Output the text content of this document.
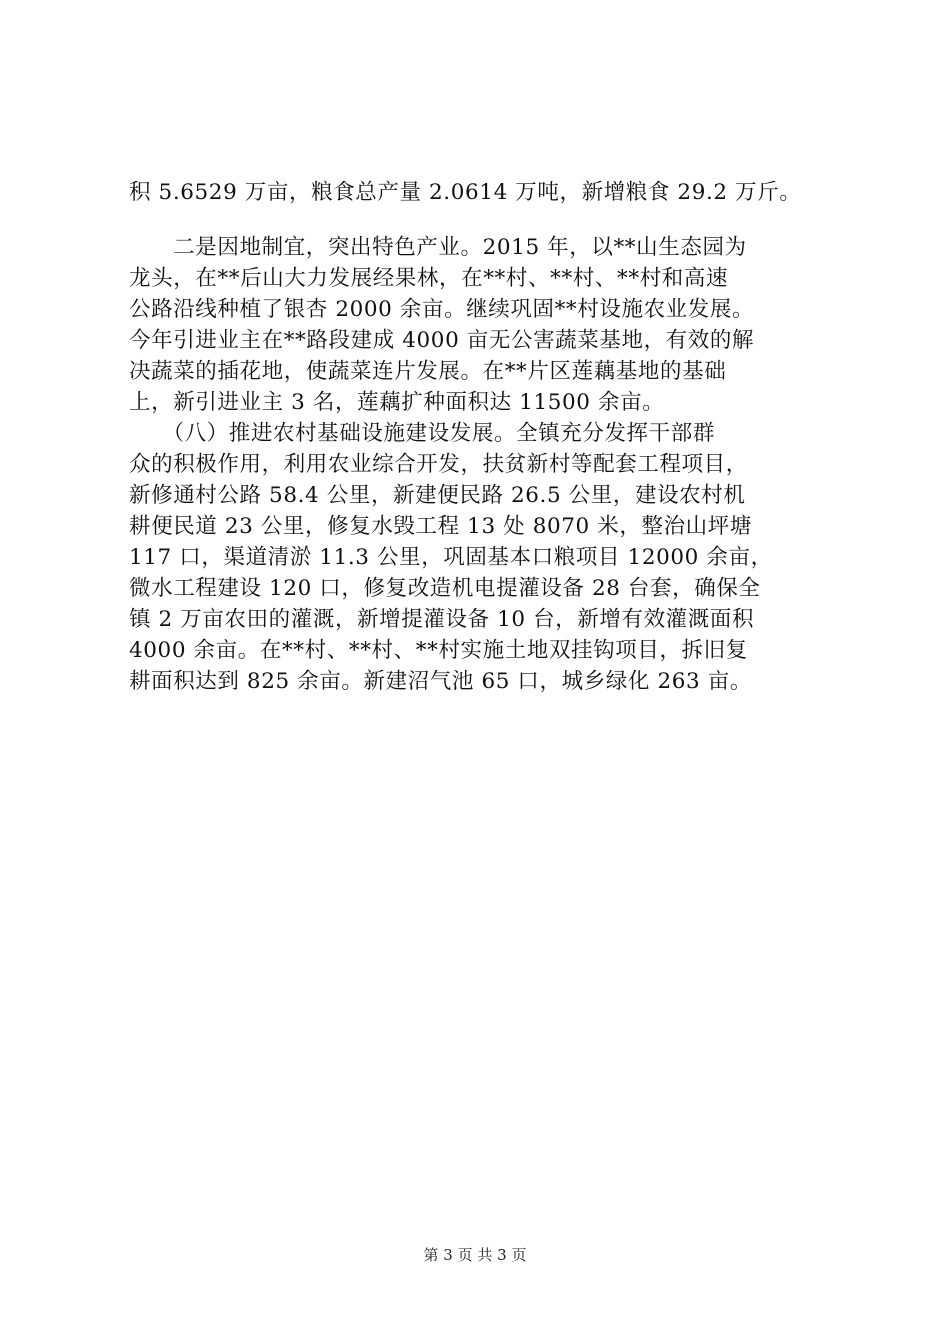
积 5.6529 万亩，粮食总产量 2.0614 万吨，新增粮食 29.2 万斤。
　　二是因地制宜，突出特色产业。2015 年，以**山生态园为
龙头，在**后山大力发展经果林，在**村、**村、**村和高速
公路沿线种植了银杏 2000 余亩。继续巩固**村设施农业发展。
今年引进业主在**路段建成 4000 亩无公害蔬菜基地，有效的解
决蔬菜的插花地，使蔬菜连片发展。在**片区莲藕基地的基础
上，新引进业主 3 名，莲藕扩种面积达 11500 余亩。
　　（八）推进农村基础设施建设发展。全镇充分发挥干部群
众的积极作用，利用农业综合开发，扶贫新村等配套工程项目，
新修通村公路 58.4 公里，新建便民路 26.5 公里，建设农村机
耕便民道 23 公里，修复水毁工程 13 处 8070 米，整治山坪塘
117 口，渠道清淤 11.3 公里，巩固基本口粮项目 12000 余亩，
微水工程建设 120 口，修复改造机电提灌设备 28 台套，确保全
镇 2 万亩农田的灌溉，新增提灌设备 10 台，新增有效灌溉面积
4000 余亩。在**村、**村、**村实施土地双挂钩项目，拆旧复
耕面积达到 825 余亩。新建沼气池 65 口，城乡绿化 263 亩。
第 3 页 共 3 页
